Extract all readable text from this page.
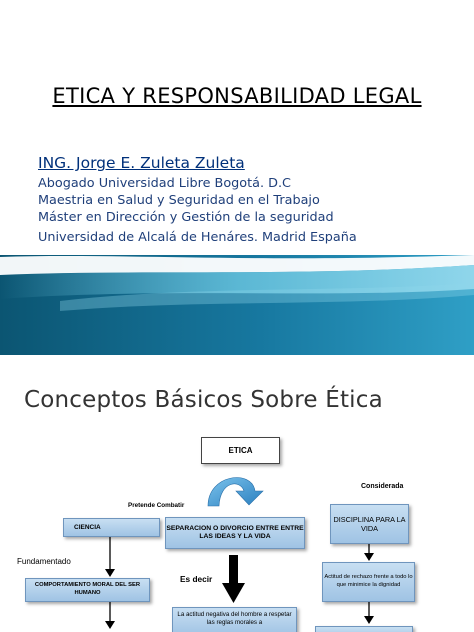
ETICA Y RESPONSABILIDAD LEGAL
ING. Jorge E. Zuleta Zuleta
Abogado Universidad Libre Bogotá. D.C
Maestria en Salud y Seguridad en el Trabajo
Máster en Dirección y Gestión de la seguridad
Universidad de Alcalá de Henáres. Madrid España
Conceptos Básicos Sobre Ética
ETICA
CIENCIA	SEPARACION O DIVORCIO ENTRE ENTRE LAS IDEAS Y LA VIDA
DISCIPLINA PARA LA VIDA
COMPORTAMIENTO MORAL DEL SER HUMANO
Actitud de rechazo frente a todo lo que minimice la dignidad
La actitud negativa del hombre a respetar las reglas morales a
Pretende Combatir
Considerada
Fundamentado
Es decir
